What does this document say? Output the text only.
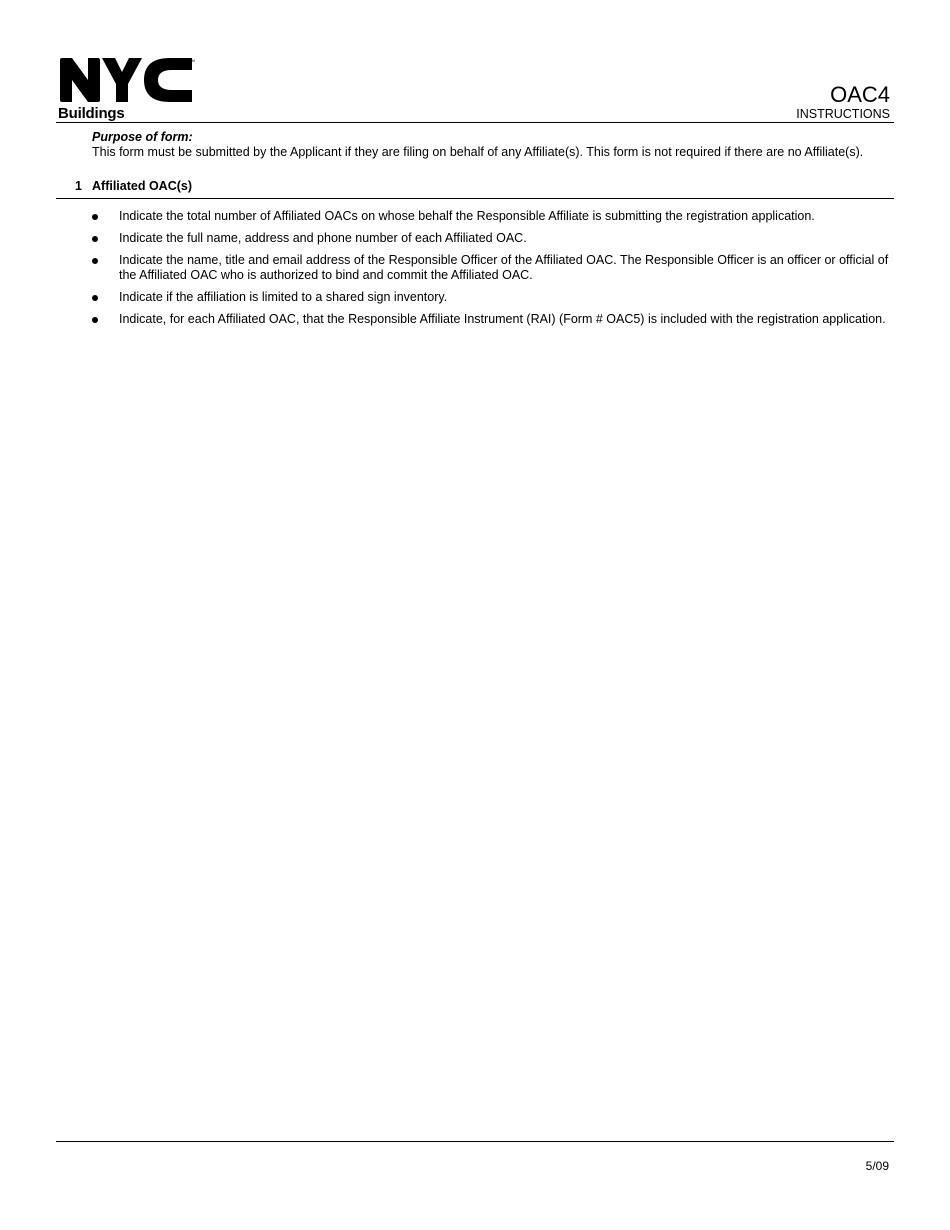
TM
Buildings
OAC4
INSTRUCTIONS
Purpose of form:
This form must be submitted by the Applicant if they are filing on behalf of any Affiliate(s). This form is not required if there are no Affiliate(s).
1 Affiliated OAC(s)
Indicate the total number of Affiliated OACs on whose behalf the Responsible Affiliate is submitting the registration application.
Indicate the full name, address and phone number of each Affiliated OAC.
Indicate the name, title and email address of the Responsible Officer of the Affiliated OAC. The Responsible Officer is an officer or official of the Affiliated OAC who is authorized to bind and commit the Affiliated OAC.
Indicate if the affiliation is limited to a shared sign inventory.
Indicate, for each Affiliated OAC, that the Responsible Affiliate Instrument (RAI) (Form # OAC5) is included with the registration application.
5/09
